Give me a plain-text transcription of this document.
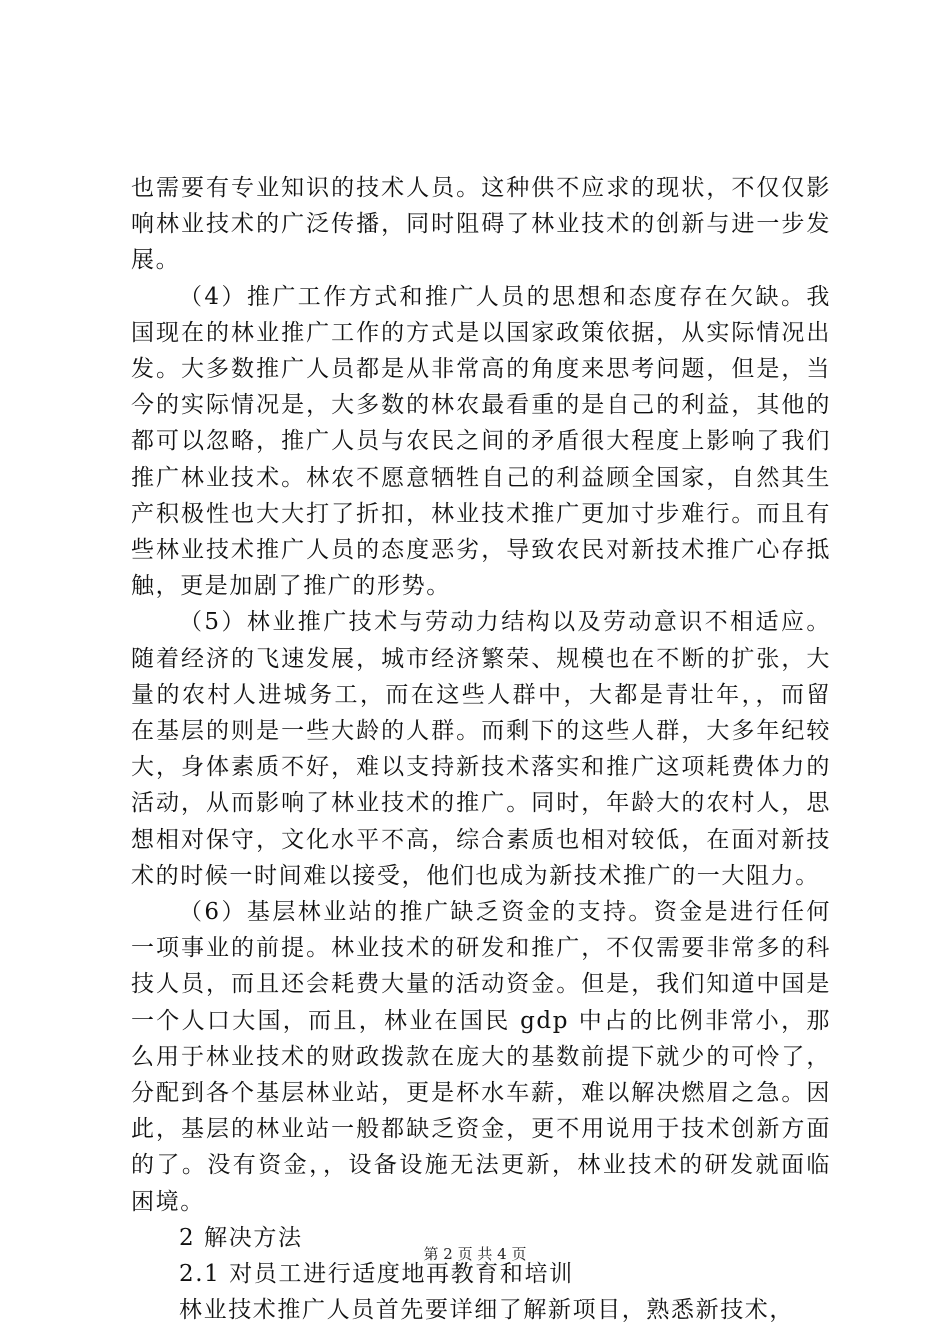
也需要有专业知识的技术人员。这种供不应求的现状，不仅仅影响林业技术的广泛传播，同时阻碍了林业技术的创新与进一步发展。

（4）推广工作方式和推广人员的思想和态度存在欠缺。我国现在的林业推广工作的方式是以国家政策依据，从实际情况出发。大多数推广人员都是从非常高的角度来思考问题，但是，当今的实际情况是，大多数的林农最看重的是自己的利益，其他的都可以忽略，推广人员与农民之间的矛盾很大程度上影响了我们推广林业技术。林农不愿意牺牲自己的利益顾全国家，自然其生产积极性也大大打了折扣，林业技术推广更加寸步难行。而且有些林业技术推广人员的态度恶劣，导致农民对新技术推广心存抵触，更是加剧了推广的形势。

（5）林业推广技术与劳动力结构以及劳动意识不相适应。随着经济的飞速发展，城市经济繁荣、规模也在不断的扩张，大量的农村人进城务工，而在这些人群中，大都是青壮年，，而留在基层的则是一些大龄的人群。而剩下的这些人群，大多年纪较大，身体素质不好，难以支持新技术落实和推广这项耗费体力的活动，从而影响了林业技术的推广。同时，年龄大的农村人，思想相对保守，文化水平不高，综合素质也相对较低，在面对新技术的时候一时间难以接受，他们也成为新技术推广的一大阻力。

（6）基层林业站的推广缺乏资金的支持。资金是进行任何一项事业的前提。林业技术的研发和推广，不仅需要非常多的科技人员，而且还会耗费大量的活动资金。但是，我们知道中国是一个人口大国，而且，林业在国民 gdp 中占的比例非常小，那么用于林业技术的财政拨款在庞大的基数前提下就少的可怜了，分配到各个基层林业站，更是杯水车薪，难以解决燃眉之急。因此，基层的林业站一般都缺乏资金，更不用说用于技术创新方面的了。没有资金，，设备设施无法更新，林业技术的研发就面临困境。

2 解决方法

2.1 对员工进行适度地再教育和培训

林业技术推广人员首先要详细了解新项目，熟悉新技术，

第 2 页 共 4 页
